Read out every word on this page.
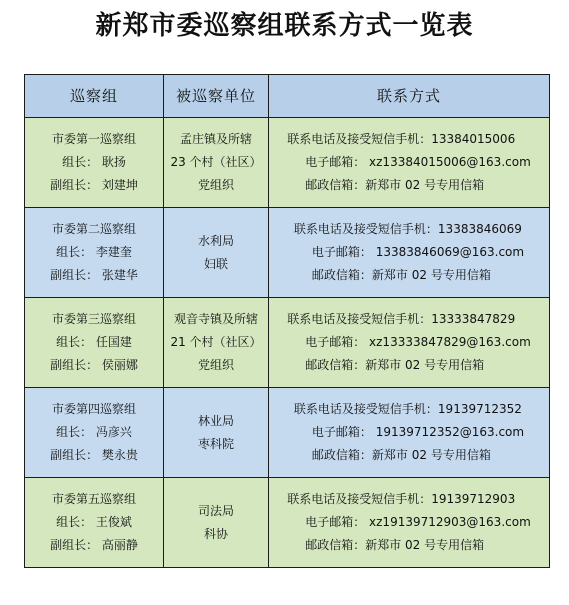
新郑市委巡察组联系方式一览表
巡察组	被巡察单位	联系方式

市委第一巡察组
组长： 耿扬
副组长： 刘建坤	孟庄镇及所辖
23 个村（社区）
党组织	联系电话及接受短信手机：13384015006
电子邮箱： xz13384015006@163.com
邮政信箱：新郑市 02 号专用信箱

市委第二巡察组
组长： 李建奎
副组长： 张建华	水利局
妇联	联系电话及接受短信手机：13383846069
电子邮箱： 13383846069@163.com
邮政信箱：新郑市 02 号专用信箱

市委第三巡察组
组长： 任国建
副组长： 侯丽娜	观音寺镇及所辖
21 个村（社区）
党组织	联系电话及接受短信手机：13333847829
电子邮箱： xz13333847829@163.com
邮政信箱：新郑市 02 号专用信箱

市委第四巡察组
组长： 冯彦兴
副组长： 樊永贵	林业局
枣科院	联系电话及接受短信手机：19139712352
电子邮箱： 19139712352@163.com
邮政信箱：新郑市 02 号专用信箱

市委第五巡察组
组长： 王俊斌
副组长： 高丽静	司法局
科协	联系电话及接受短信手机：19139712903
电子邮箱： xz19139712903@163.com
邮政信箱：新郑市 02 号专用信箱
